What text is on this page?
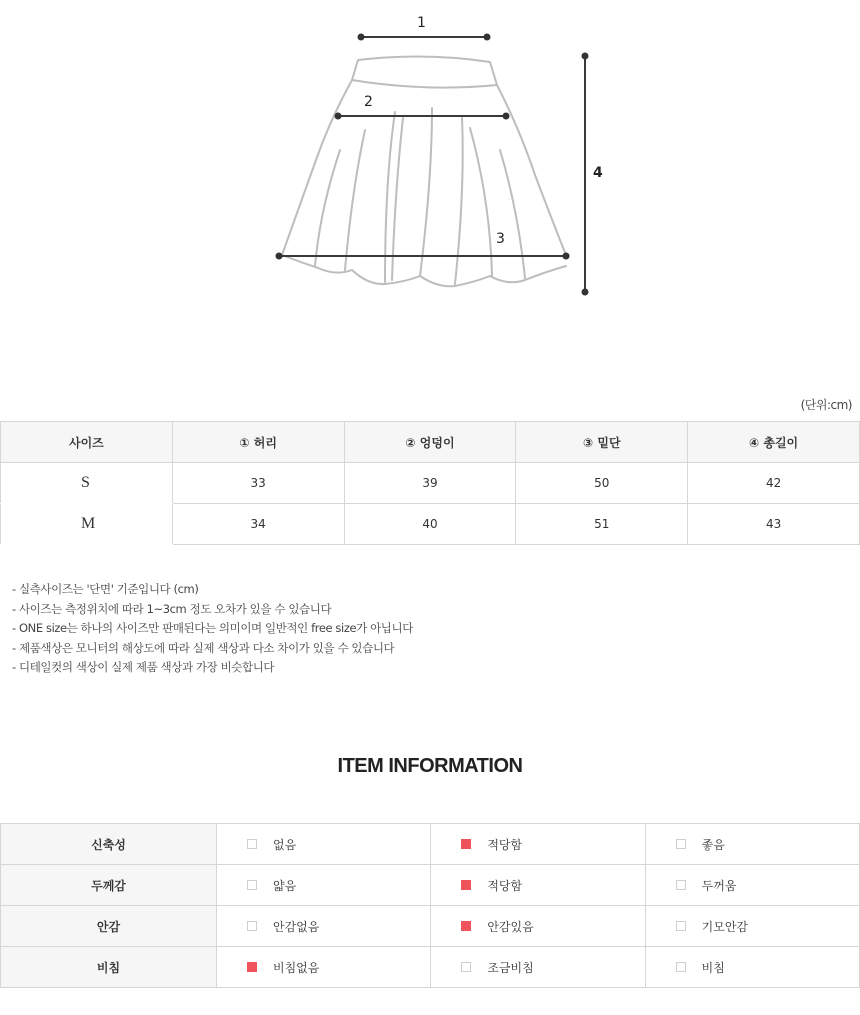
1
2
3
4
(단위:cm)
사이즈	① 허리	② 엉덩이	③ 밑단	④ 총길이
S	33	39	50	42
M	34	40	51	43
- 실측사이즈는 '단면' 기준입니다 (cm)
- 사이즈는 측정위치에 따라 1~3cm 정도 오차가 있을 수 있습니다
- ONE size는 하나의 사이즈만 판매된다는 의미이며 일반적인 free size가 아닙니다
- 제품색상은 모니터의 해상도에 따라 실제 색상과 다소 차이가 있을 수 있습니다
- 디테일컷의 색상이 실제 제품 색상과 가장 비슷합니다
ITEM INFORMATION
신축성	없음	적당함	좋음
두께감	얇음	적당함	두꺼움
안감	안감없음	안감있음	기모안감
비침	비침없음	조금비침	비침
